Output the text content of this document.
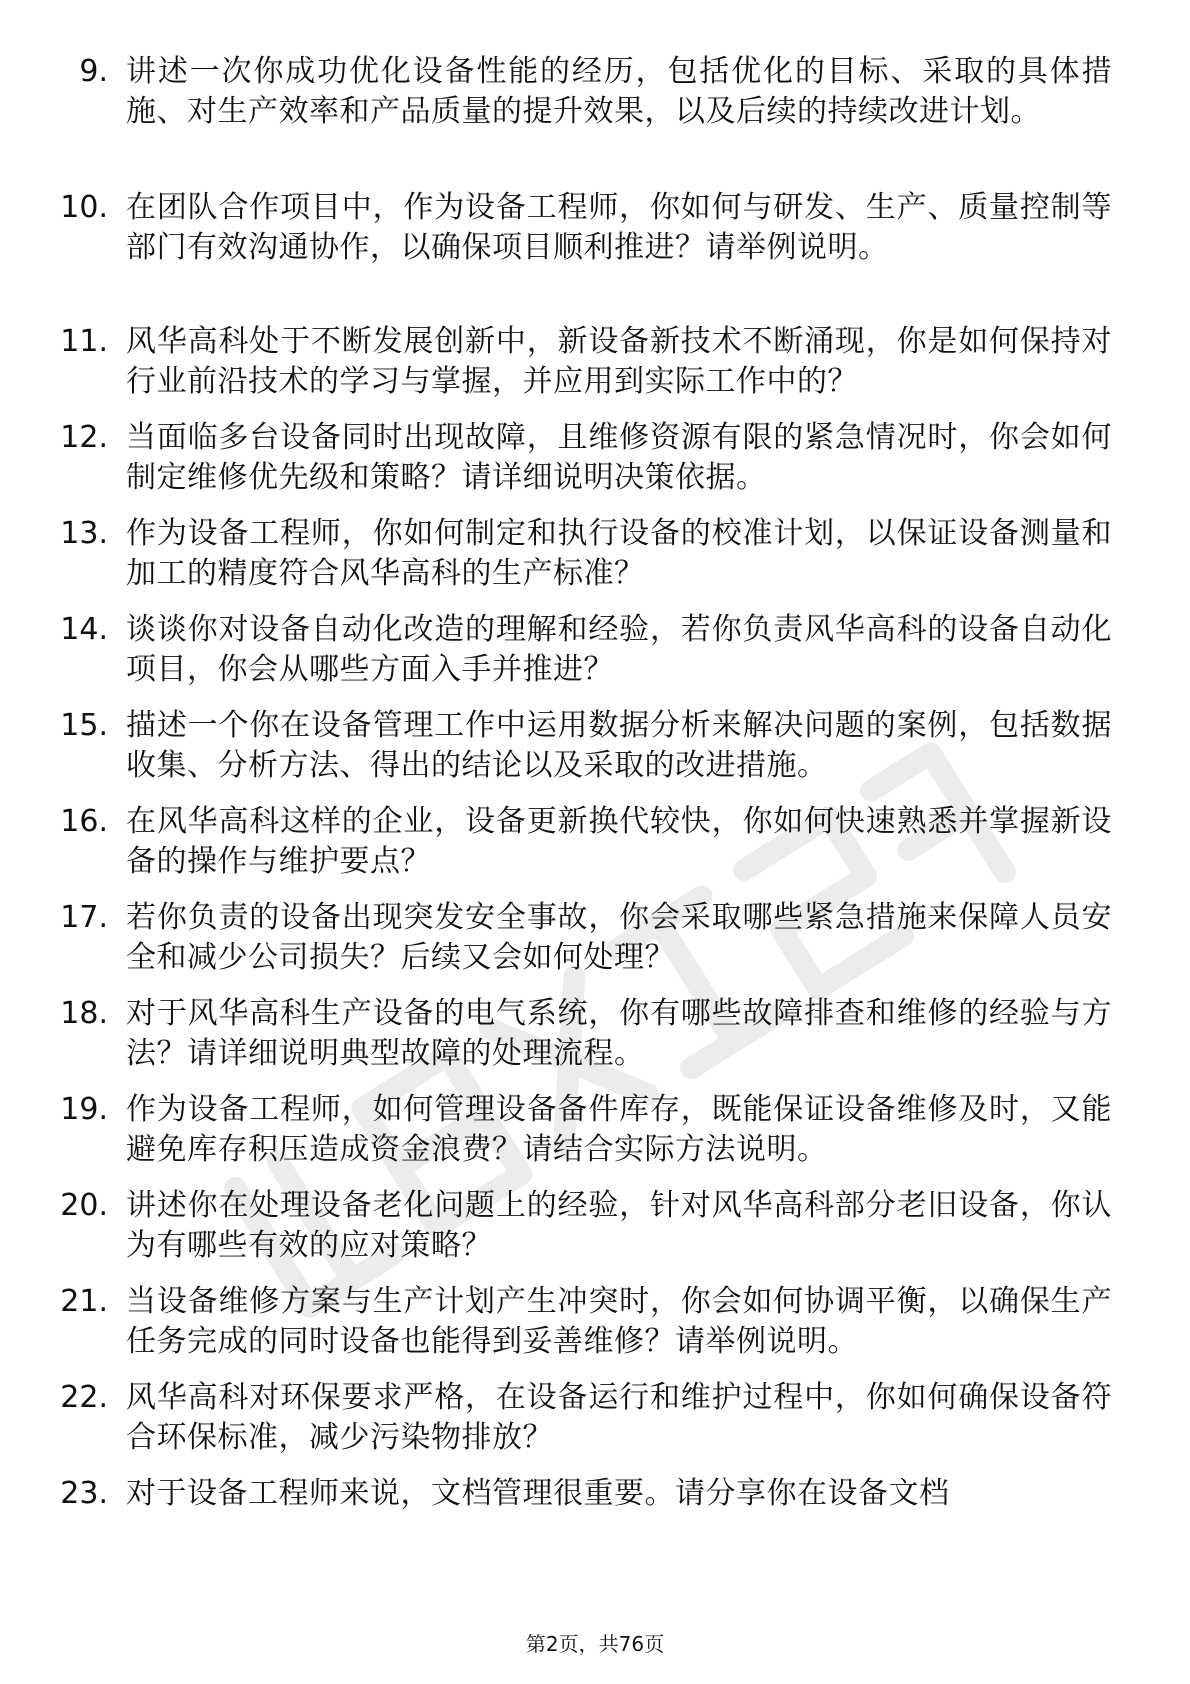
9. 讲述一次你成功优化设备性能的经历，包括优化的目标、采取的具体措施、对生产效率和产品质量的提升效果，以及后续的持续改进计划。
10. 在团队合作项目中，作为设备工程师，你如何与研发、生产、质量控制等部门有效沟通协作，以确保项目顺利推进？请举例说明。
11. 风华高科处于不断发展创新中，新设备新技术不断涌现，你是如何保持对行业前沿技术的学习与掌握，并应用到实际工作中的？
12. 当面临多台设备同时出现故障，且维修资源有限的紧急情况时，你会如何制定维修优先级和策略？请详细说明决策依据。
13. 作为设备工程师，你如何制定和执行设备的校准计划，以保证设备测量和加工的精度符合风华高科的生产标准？
14. 谈谈你对设备自动化改造的理解和经验，若你负责风华高科的设备自动化项目，你会从哪些方面入手并推进？
15. 描述一个你在设备管理工作中运用数据分析来解决问题的案例，包括数据收集、分析方法、得出的结论以及采取的改进措施。
16. 在风华高科这样的企业，设备更新换代较快，你如何快速熟悉并掌握新设备的操作与维护要点？
17. 若你负责的设备出现突发安全事故，你会采取哪些紧急措施来保障人员安全和减少公司损失？后续又会如何处理？
18. 对于风华高科生产设备的电气系统，你有哪些故障排查和维修的经验与方法？请详细说明典型故障的处理流程。
19. 作为设备工程师，如何管理设备备件库存，既能保证设备维修及时，又能避免库存积压造成资金浪费？请结合实际方法说明。
20. 讲述你在处理设备老化问题上的经验，针对风华高科部分老旧设备，你认为有哪些有效的应对策略？
21. 当设备维修方案与生产计划产生冲突时，你会如何协调平衡，以确保生产任务完成的同时设备也能得到妥善维修？请举例说明。
22. 风华高科对环保要求严格，在设备运行和维护过程中，你如何确保设备符合环保标准，减少污染物排放？
23. 对于设备工程师来说，文档管理很重要。请分享你在设备文档
第2页，共76页
